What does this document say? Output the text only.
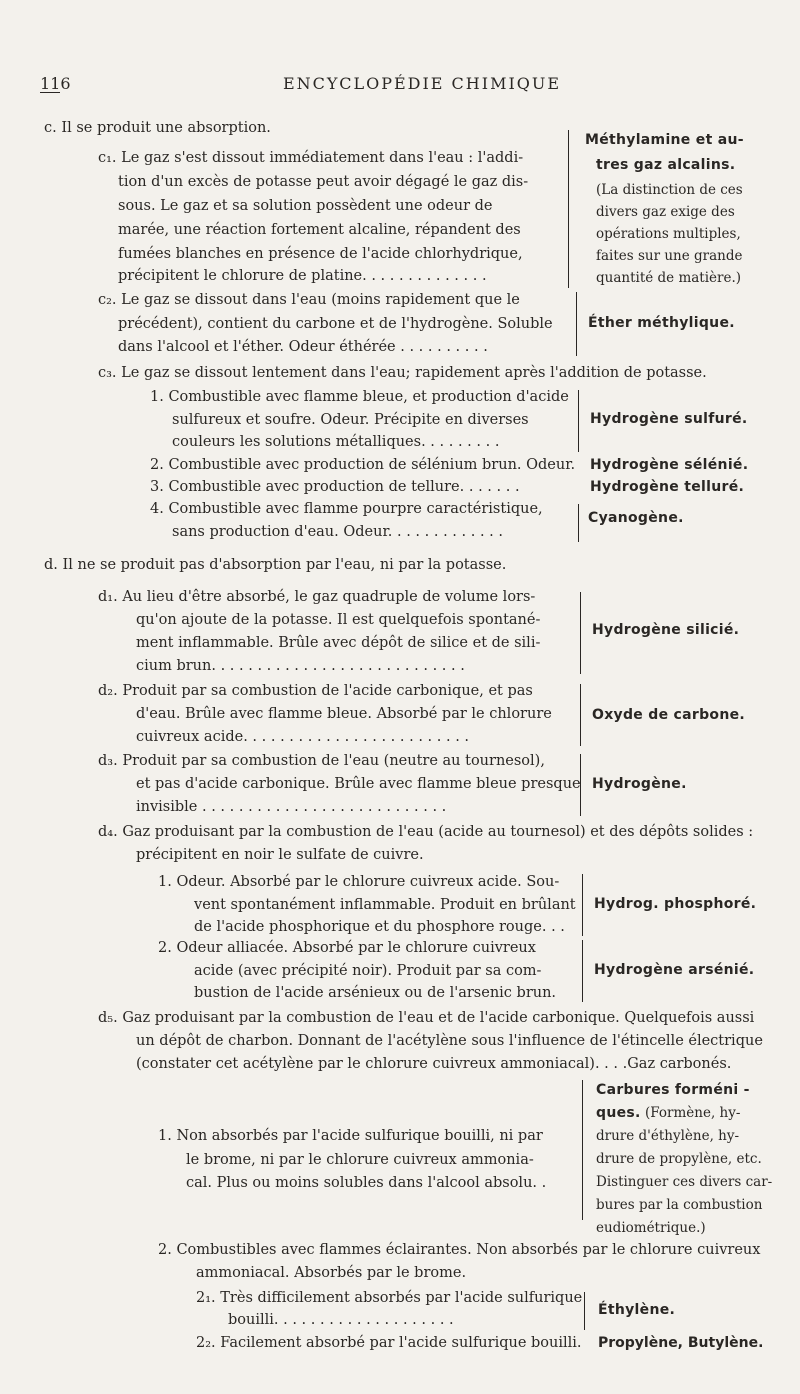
116	ENCYCLOPÉDIE CHIMIQUE
c. Il se produit une absorption.
c₁. Le gaz s'est dissout immédiatement dans l'eau : l'addi-
tion d'un excès de potasse peut avoir dégagé le gaz dis-
sous. Le gaz et sa solution possèdent une odeur de
marée, une réaction fortement alcaline, répandent des
fumées blanches en présence de l'acide chlorhydrique,
précipitent le chlorure de platine. . . . . . . . . . . . . .
Méthylamine et au-
tres gaz alcalins.
(La distinction de ces
divers gaz exige des
opérations multiples,
faites sur une grande
quantité de matière.)
c₂. Le gaz se dissout dans l'eau (moins rapidement que le
précédent), contient du carbone et de l'hydrogène. Soluble
dans l'alcool et l'éther. Odeur éthérée . . . . . . . . . .
Éther méthylique.
c₃. Le gaz se dissout lentement dans l'eau; rapidement après l'addition de potasse.
1. Combustible avec flamme bleue, et production d'acide
sulfureux et soufre. Odeur. Précipite en diverses
couleurs les solutions métalliques. . . . . . . . .
Hydrogène sulfuré.
2. Combustible avec production de sélénium brun. Odeur. Hydrogène sélénié.
3. Combustible avec production de tellure. . . . . . .	Hydrogène telluré.
4. Combustible avec flamme pourpre caractéristique,
sans production d'eau. Odeur. . . . . . . . . . . . .
Cyanogène.
d. Il ne se produit pas d'absorption par l'eau, ni par la potasse.
d₁. Au lieu d'être absorbé, le gaz quadruple de volume lors-
qu'on ajoute de la potasse. Il est quelquefois spontané-
ment inflammable. Brûle avec dépôt de silice et de sili-
cium brun. . . . . . . . . . . . . . . . . . . . . . . . . . . .
Hydrogène silicié.
d₂. Produit par sa combustion de l'acide carbonique, et pas
d'eau. Brûle avec flamme bleue. Absorbé par le chlorure
cuivreux acide. . . . . . . . . . . . . . . . . . . . . . . . .
Oxyde de carbone.
d₃. Produit par sa combustion de l'eau (neutre au tournesol),
et pas d'acide carbonique. Brûle avec flamme bleue presque
invisible . . . . . . . . . . . . . . . . . . . . . . . . . . .
Hydrogène.
d₄. Gaz produisant par la combustion de l'eau (acide au tournesol) et des dépôts solides :
précipitent en noir le sulfate de cuivre.
1. Odeur. Absorbé par le chlorure cuivreux acide. Sou-
vent spontanément inflammable. Produit en brûlant
de l'acide phosphorique et du phosphore rouge. . .
Hydrog. phosphoré.
2. Odeur alliacée. Absorbé par le chlorure cuivreux
acide (avec précipité noir). Produit par sa com-
bustion de l'acide arsénieux ou de l'arsenic brun.
Hydrogène arsénié.
d₅. Gaz produisant par la combustion de l'eau et de l'acide carbonique. Quelquefois aussi
un dépôt de charbon. Donnant de l'acétylène sous l'influence de l'étincelle électrique
(constater cet acétylène par le chlorure cuivreux ammoniacal). . . .Gaz carbonés.
1. Non absorbés par l'acide sulfurique bouilli, ni par
le brome, ni par le chlorure cuivreux ammonia-
cal. Plus ou moins solubles dans l'alcool absolu. .
Carbures forméni -
ques. (Formène, hy-
drure d'éthylène, hy-
drure de propylène, etc.
Distinguer ces divers car-
bures par la combustion
eudiométrique.)
2. Combustibles avec flammes éclairantes. Non absorbés par le chlorure cuivreux
ammoniacal. Absorbés par le brome.
2₁. Très difficilement absorbés par l'acide sulfurique
bouilli. . . . . . . . . . . . . . . . . . . .
Éthylène.
2₂. Facilement absorbé par l'acide sulfurique bouilli. Propylène, Butylène.
